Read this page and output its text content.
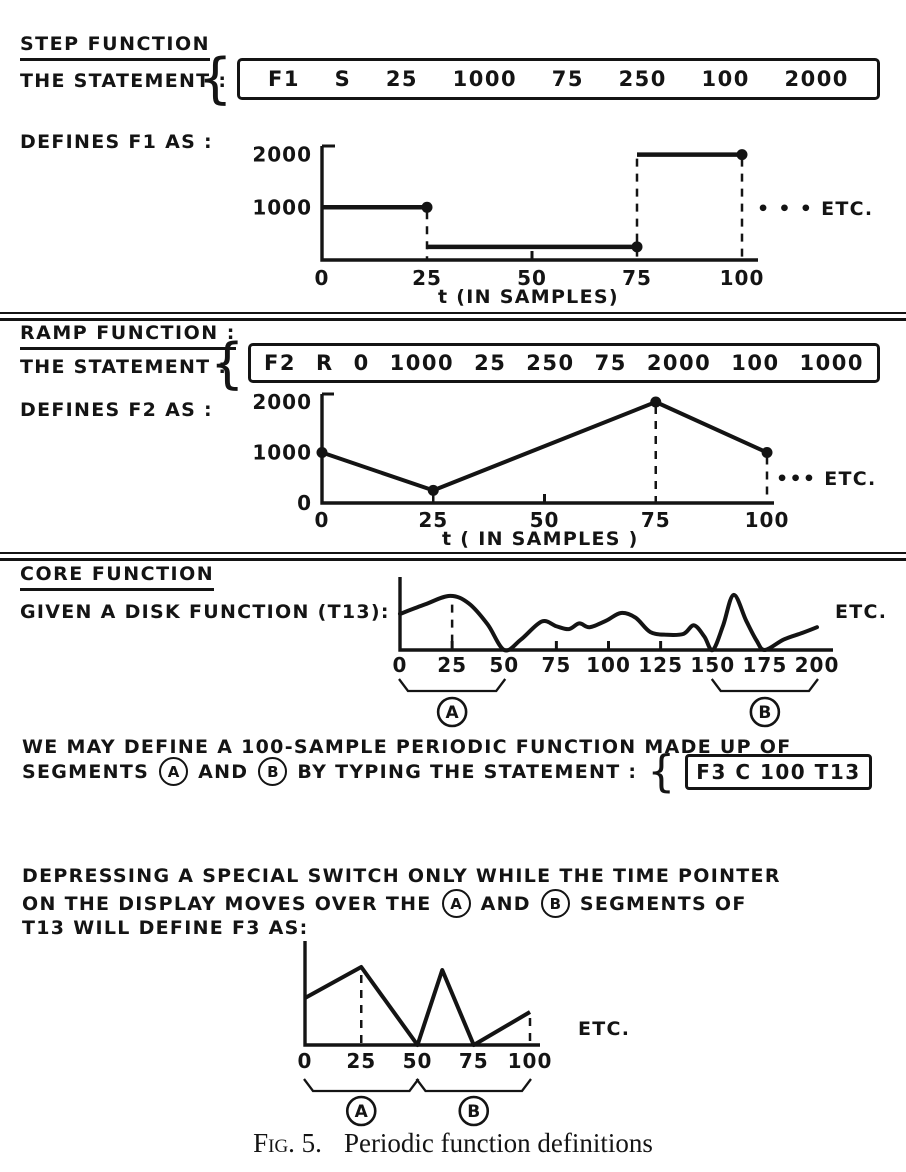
0	25	50	75	100
2000
1000
0	25	50	75	100
2000
1000
0
0 25 50 75 100 125 150 175 200
A	B
0 25 50 75 100
A	B
STEP FUNCTION
THE STATEMENT :
{ F1 S 25 1000 75 250 100 2000
DEFINES F1 AS :
t (IN SAMPLES)
• • • ETC.
RAMP FUNCTION :
THE STATEMENT :
{ F2 R 0 1000 25 250 75 2000 100 1000
DEFINES F2 AS :
t ( IN SAMPLES )
••• ETC.
CORE FUNCTION
GIVEN A DISK FUNCTION (T13):	ETC.
WE MAY DEFINE A 100-SAMPLE PERIODIC FUNCTION MADE UP OF
SEGMENTS	A AND	B BY TYPING THE STATEMENT : {	F3 C 100 T13
DEPRESSING A SPECIAL SWITCH ONLY WHILE THE TIME POINTER
ON THE DISPLAY MOVES OVER THE	A AND	B SEGMENTS OF
T13 WILL DEFINE F3 AS:
ETC.
Fig. 5. Periodic function definitions
